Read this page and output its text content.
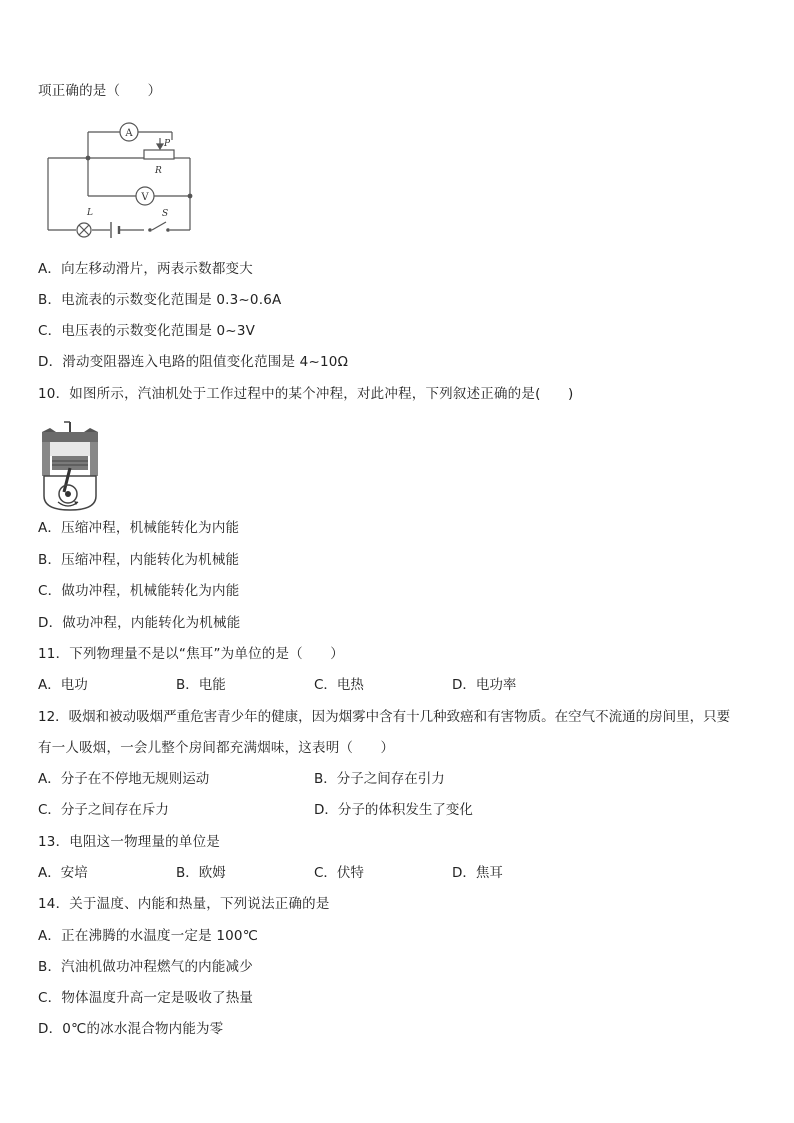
项正确的是（　　）
A
V
P
R
L	S
A．向左移动滑片，两表示数都变大
B．电流表的示数变化范围是 0.3~0.6A
C．电压表的示数变化范围是 0~3V
D．滑动变阻器连入电路的阻值变化范围是 4~10Ω
10．如图所示，汽油机处于工作过程中的某个冲程，对此冲程，下列叙述正确的是(　　)
A．压缩冲程，机械能转化为内能
B．压缩冲程，内能转化为机械能
C．做功冲程，机械能转化为内能
D．做功冲程，内能转化为机械能
11．下列物理量不是以“焦耳”为单位的是（　　）
A．电功	B．电能	C．电热	D．电功率
12．吸烟和被动吸烟严重危害青少年的健康，因为烟雾中含有十几种致癌和有害物质。在空气不流通的房间里，只要
有一人吸烟，一会儿整个房间都充满烟味，这表明（　　）
A．分子在不停地无规则运动	B．分子之间存在引力
C．分子之间存在斥力	D．分子的体积发生了变化
13．电阻这一物理量的单位是
A．安培	B．欧姆	C．伏特	D．焦耳
14．关于温度、内能和热量，下列说法正确的是
A．正在沸腾的水温度一定是 100℃
B．汽油机做功冲程燃气的内能减少
C．物体温度升高一定是吸收了热量
D．0℃的冰水混合物内能为零
